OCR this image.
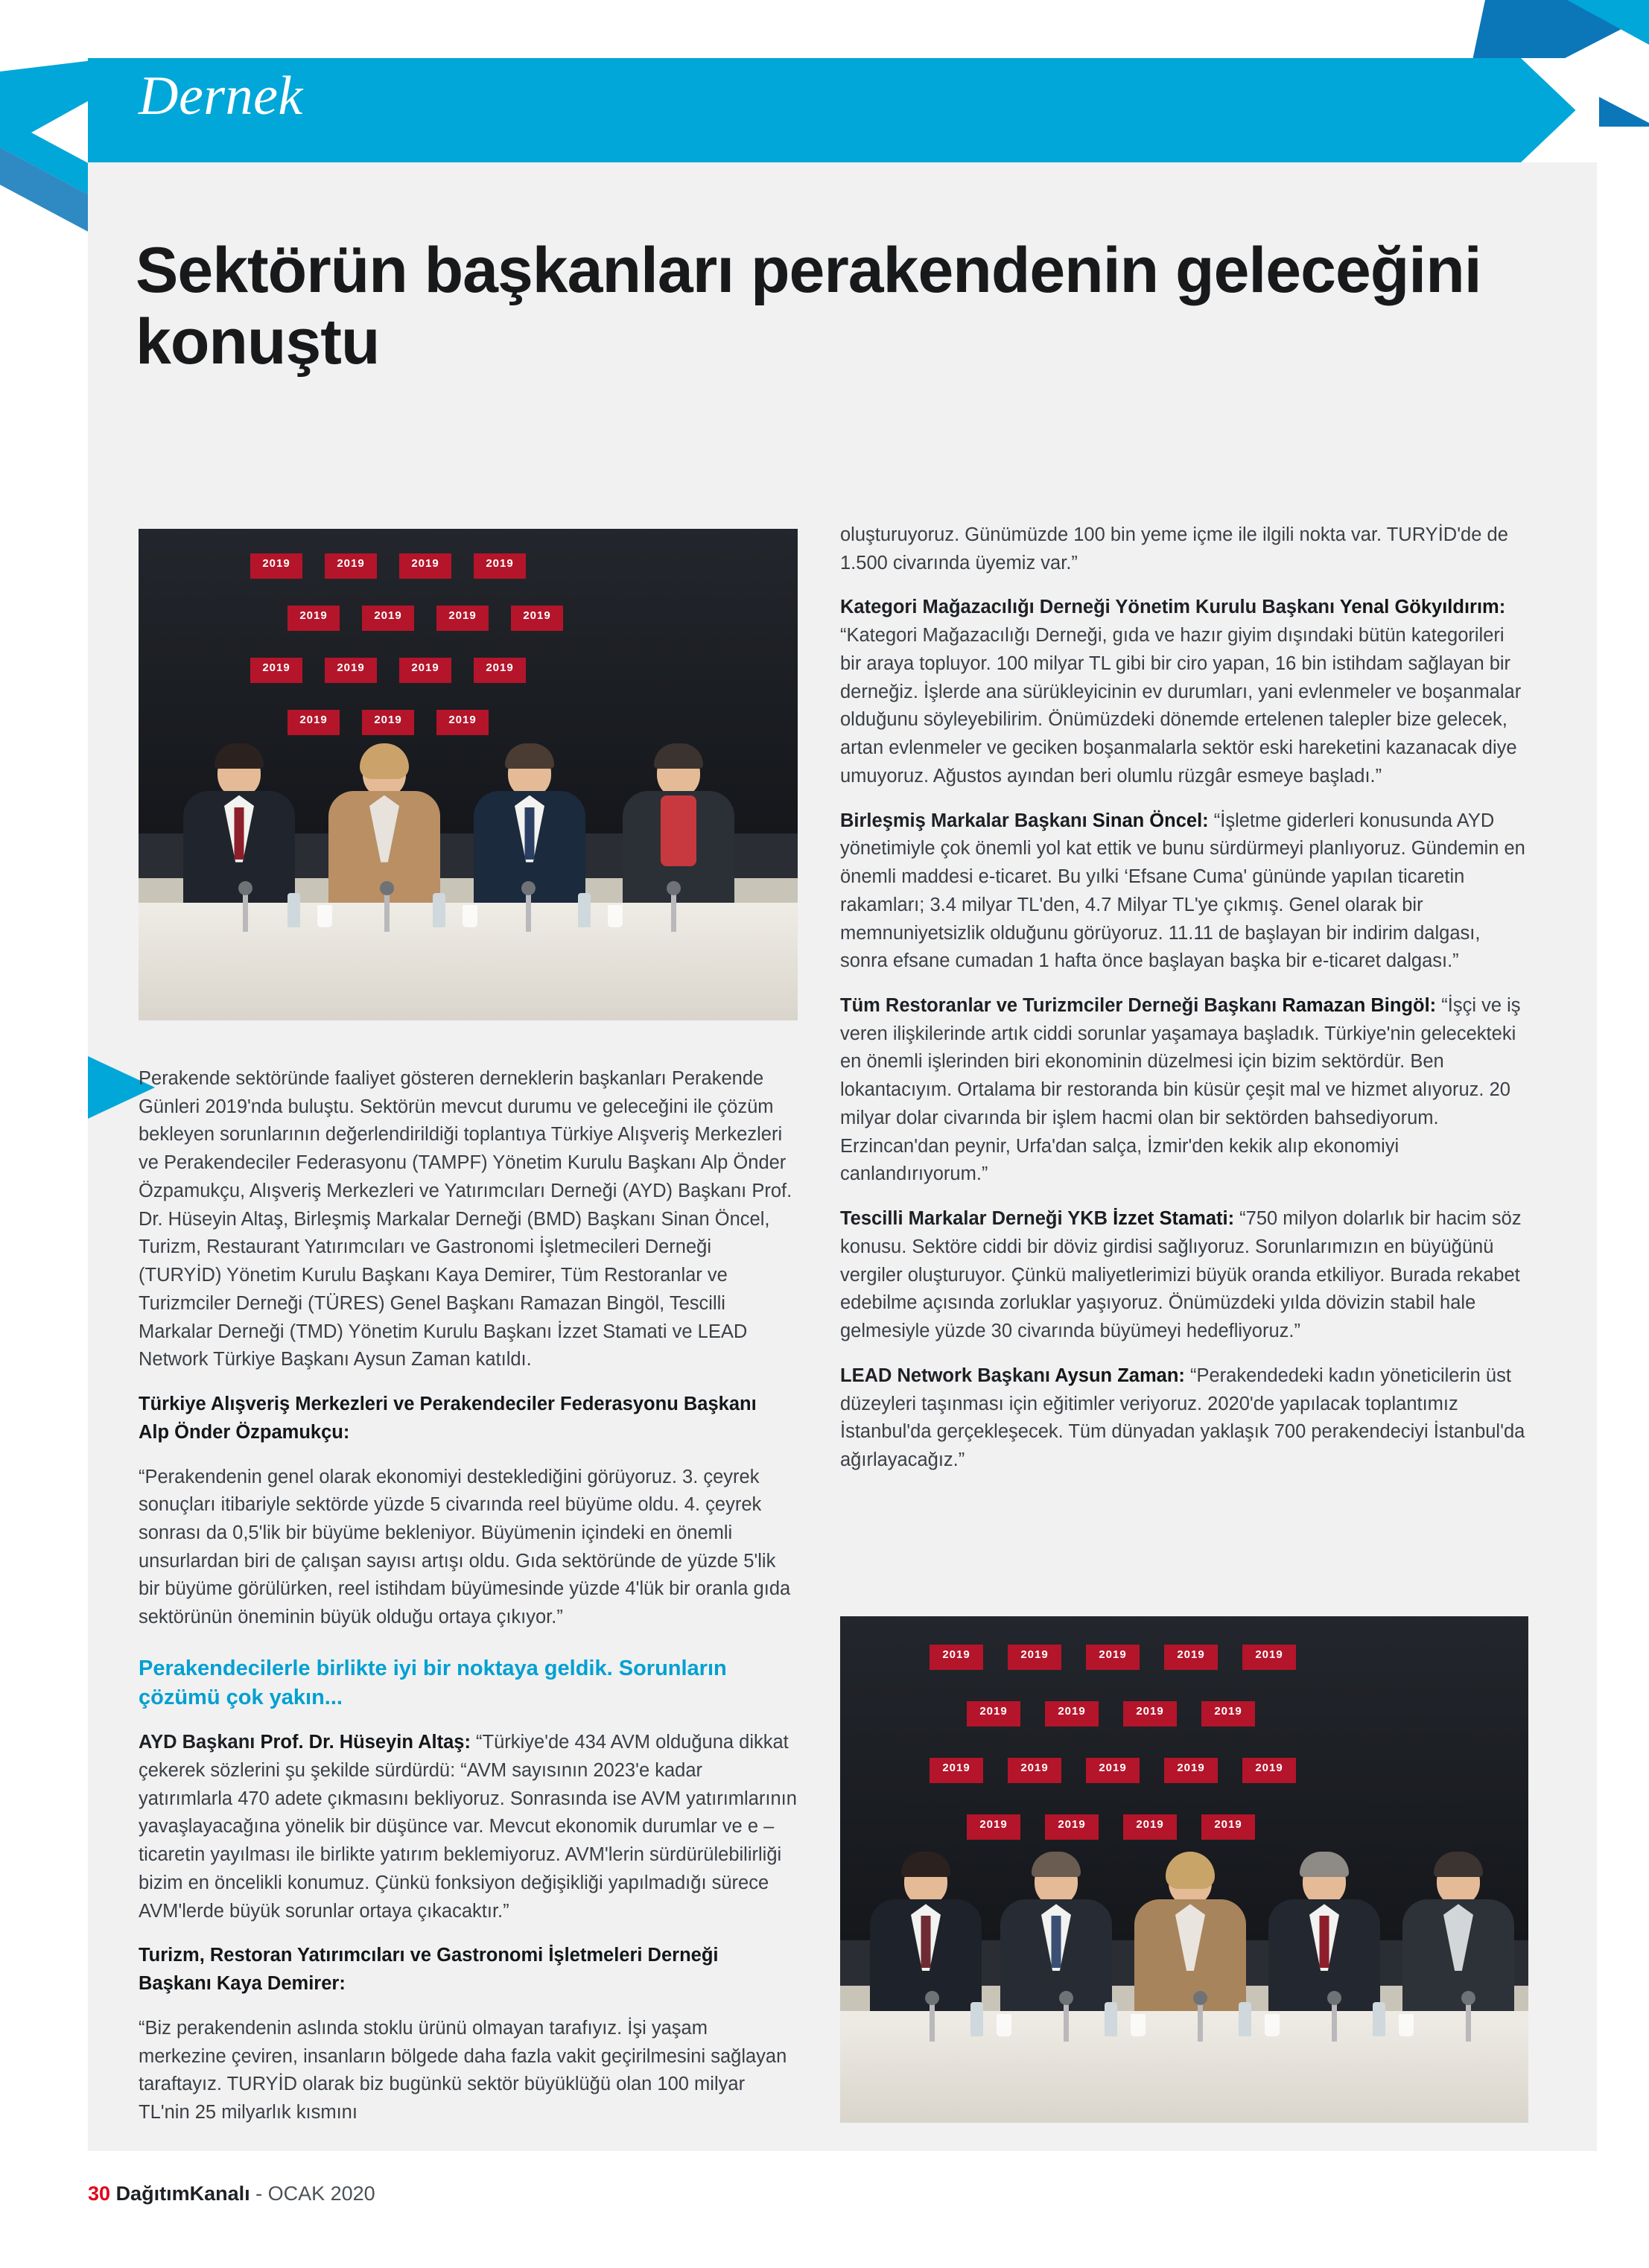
Dernek
Sektörün başkanları perakendenin geleceğini konuştu
2019	2019	2019	2019
2019	2019	2019	2019
2019	2019	2019	2019
2019	2019	2019

Perakende sektöründe faaliyet gösteren derneklerin başkanları Perakende Günleri 2019'nda buluştu. Sektörün mevcut durumu ve geleceğini ile çözüm bekleyen sorunlarının değerlendirildiği toplantıya Türkiye Alışveriş Merkezleri ve Perakendeciler Federasyonu (TAMPF) Yönetim Kurulu Başkanı Alp Önder Özpamukçu, Alışveriş Merkezleri ve Yatırımcıları Derneği (AYD) Başkanı Prof. Dr. Hüseyin Altaş, Birleşmiş Markalar Derneği (BMD) Başkanı Sinan Öncel, Turizm, Restaurant Yatırımcıları ve Gastronomi İşletmecileri Derneği (TURYİD) Yönetim Kurulu Başkanı Kaya Demirer, Tüm Restoranlar ve Turizmciler Derneği (TÜRES) Genel Başkanı Ramazan Bingöl, Tescilli Markalar Derneği (TMD) Yönetim Kurulu Başkanı İzzet Stamati ve LEAD Network Türkiye Başkanı Aysun Zaman katıldı.

Türkiye Alışveriş Merkezleri ve Perakendeciler Federasyonu Başkanı
Alp Önder Özpamukçu:

“Perakendenin genel olarak ekonomiyi desteklediğini görüyoruz. 3. çeyrek sonuçları itibariyle sektörde yüzde 5 civarında reel büyüme oldu. 4. çeyrek sonrası da 0,5'lik bir büyüme bekleniyor. Büyümenin içindeki en önemli unsurlardan biri de çalışan sayısı artışı oldu. Gıda sektöründe de yüzde 5'lik bir büyüme görülürken, reel istihdam büyümesinde yüzde 4'lük bir oranla gıda sektörünün öneminin büyük olduğu ortaya çıkıyor.”

Perakendecilerle birlikte iyi bir noktaya geldik. Sorunların çözümü çok yakın...

AYD Başkanı Prof. Dr. Hüseyin Altaş: “Türkiye'de 434 AVM olduğuna dikkat çekerek sözlerini şu şekilde sürdürdü: “AVM sayısının 2023'e kadar yatırımlarla 470 adete çıkmasını bekliyoruz. Sonrasında ise AVM yatırımlarının yavaşlayacağına yönelik bir düşünce var. Mevcut ekonomik durumlar ve e – ticaretin yayılması ile birlikte yatırım beklemiyoruz. AVM'lerin sürdürülebilirliği bizim en öncelikli konumuz. Çünkü fonksiyon değişikliği yapılmadığı sürece AVM'lerde büyük sorunlar ortaya çıkacaktır.”

Turizm, Restoran Yatırımcıları ve Gastronomi İşletmeleri Derneği
Başkanı Kaya Demirer:

“Biz perakendenin aslında stoklu ürünü olmayan tarafıyız. İşi yaşam merkezine çeviren, insanların bölgede daha fazla vakit geçirilmesini sağlayan taraftayız. TURYİD olarak biz bugünkü sektör büyüklüğü olan 100 milyar TL'nin 25 milyarlık kısmını

oluşturuyoruz. Günümüzde 100 bin yeme içme ile ilgili nokta var. TURYİD'de de 1.500 civarında üyemiz var.”

Kategori Mağazacılığı Derneği Yönetim Kurulu Başkanı Yenal Gökyıldırım: “Kategori Mağazacılığı Derneği, gıda ve hazır giyim dışındaki bütün kategorileri bir araya topluyor. 100 milyar TL gibi bir ciro yapan, 16 bin istihdam sağlayan bir derneğiz. İşlerde ana sürükleyicinin ev durumları, yani evlenmeler ve boşanmalar olduğunu söyleyebilirim. Önümüzdeki dönemde ertelenen talepler bize gelecek, artan evlenmeler ve geciken boşanmalarla sektör eski hareketini kazanacak diye umuyoruz. Ağustos ayından beri olumlu rüzgâr esmeye başladı.”

Birleşmiş Markalar Başkanı Sinan Öncel: “İşletme giderleri konusunda AYD yönetimiyle çok önemli yol kat ettik ve bunu sürdürmeyi planlıyoruz. Gündemin en önemli maddesi e-ticaret. Bu yılki ‘Efsane Cuma' gününde yapılan ticaretin rakamları; 3.4 milyar TL'den, 4.7 Milyar TL'ye çıkmış. Genel olarak bir memnuniyetsizlik olduğunu görüyoruz. 11.11 de başlayan bir indirim dalgası, sonra efsane cumadan 1 hafta önce başlayan başka bir e-ticaret dalgası.”

Tüm Restoranlar ve Turizmciler Derneği Başkanı Ramazan Bingöl: “İşçi ve iş veren ilişkilerinde artık ciddi sorunlar yaşamaya başladık. Türkiye'nin gelecekteki en önemli işlerinden biri ekonominin düzelmesi için bizim sektördür. Ben lokantacıyım. Ortalama bir restoranda bin küsür çeşit mal ve hizmet alıyoruz. 20 milyar dolar civarında bir işlem hacmi olan bir sektörden bahsediyorum. Erzincan'dan peynir, Urfa'dan salça, İzmir'den kekik alıp ekonomiyi canlandırıyorum.”

Tescilli Markalar Derneği YKB İzzet Stamati: “750 milyon dolarlık bir hacim söz konusu. Sektöre ciddi bir döviz girdisi sağlıyoruz. Sorunlarımızın en büyüğünü vergiler oluşturuyor. Çünkü maliyetlerimizi büyük oranda etkiliyor. Burada rekabet edebilme açısında zorluklar yaşıyoruz. Önümüzdeki yılda dövizin stabil hale gelmesiyle yüzde 30 civarında büyümeyi hedefliyoruz.”

LEAD Network Başkanı Aysun Zaman: “Perakendedeki kadın yöneticilerin üst düzeyleri taşınması için eğitimler veriyoruz. 2020'de yapılacak toplantımız İstanbul'da gerçekleşecek. Tüm dünyadan yaklaşık 700 perakendeciyi İstanbul'da ağırlayacağız.”

2019	2019	2019	2019	2019
2019	2019	2019	2019
2019	2019	2019	2019	2019
2019	2019	2019	2019
30 DağıtımKanalı - OCAK 2020
